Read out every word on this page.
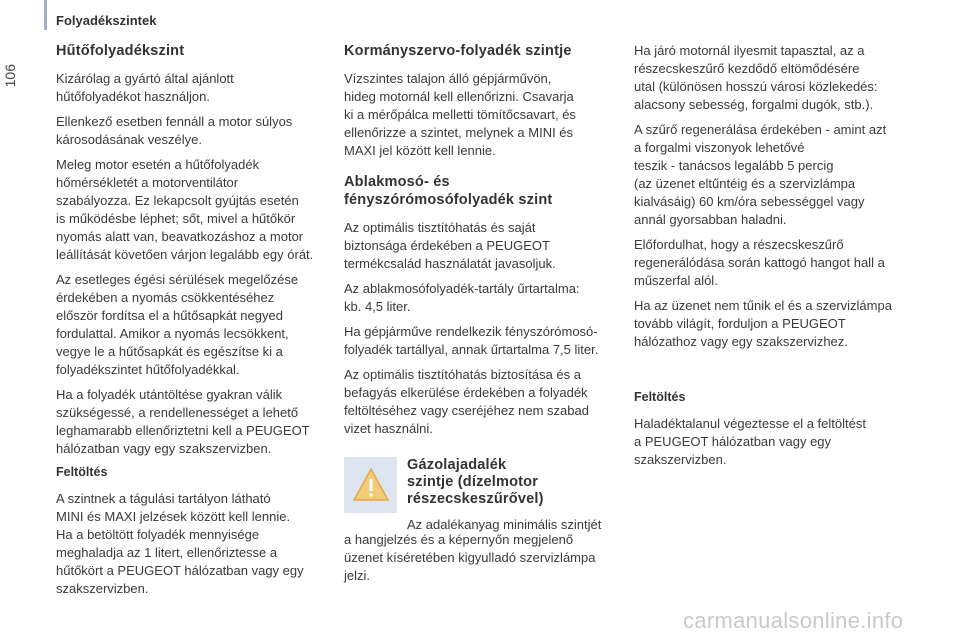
Folyadékszintek
106
Hűtőfolyadékszint

Kizárólag a gyártó által ajánlott
hűtőfolyadékot használjon.

Ellenkező esetben fennáll a motor súlyos
károsodásának veszélye.

Meleg motor esetén a hűtőfolyadék
hőmérsékletét a motorventilátor
szabályozza. Ez lekapcsolt gyújtás esetén
is működésbe léphet; sőt, mivel a hűtőkör
nyomás alatt van, beavatkozáshoz a motor
leállítását követően várjon legalább egy órát.

Az esetleges égési sérülések megelőzése
érdekében a nyomás csökkentéséhez
először fordítsa el a hűtősapkát negyed
fordulattal. Amikor a nyomás lecsökkent,
vegye le a hűtősapkát és egészítse ki a
folyadékszintet hűtőfolyadékkal.

Ha a folyadék utántöltése gyakran válik
szükségessé, a rendellenességet a lehető
leghamarabb ellenőriztetni kell a PEUGEOT
hálózatban vagy egy szakszervizben.

Feltöltés

A szintnek a tágulási tartályon látható
MINI és MAXI jelzések között kell lennie.
Ha a betöltött folyadék mennyisége
meghaladja az 1 litert, ellenőriztesse a
hűtőkört a PEUGEOT hálózatban vagy egy
szakszervizben.

Kormányszervo-folyadék szintje

Vízszintes talajon álló gépjárművön,
hideg motornál kell ellenőrizni. Csavarja
ki a mérőpálca melletti tömítőcsavart, és
ellenőrizze a szintet, melynek a MINI és
MAXI jel között kell lennie.

Ablakmosó- és
fényszórómosófolyadék szint

Az optimális tisztítóhatás és saját
biztonsága érdekében a PEUGEOT
termékcsalád használatát javasoljuk.

Az ablakmosófolyadék-tartály űrtartalma:
kb. 4,5 liter.

Ha gépjárműve rendelkezik fényszórómosó-
folyadék tartállyal, annak űrtartalma 7,5 liter.

Az optimális tisztítóhatás biztosítása és a
befagyás elkerülése érdekében a folyadék
feltöltéséhez vagy cseréjéhez nem szabad
vizet használni.

Gázolajadalék
szintje (dízelmotor
részecskeszűrővel)

Az adalékanyag minimális szintjét

a hangjelzés és a képernyőn megjelenő
üzenet kíséretében kigyulladó szervizlámpa
jelzi.

Ha járó motornál ilyesmit tapasztal, az a
részecskeszűrő kezdődő eltömődésére
utal (különösen hosszú városi közlekedés:
alacsony sebesség, forgalmi dugók, stb.).

A szűrő regenerálása érdekében - amint azt
a forgalmi viszonyok lehetővé
teszik - tanácsos legalább 5 percig
(az üzenet eltűntéig és a szervizlámpa
kialvásáig) 60 km/óra sebességgel vagy
annál gyorsabban haladni.

Előfordulhat, hogy a részecskeszűrő
regenerálódása során kattogó hangot hall a
műszerfal alól.

Ha az üzenet nem tűnik el és a szervizlámpa
tovább világít, forduljon a PEUGEOT
hálózathoz vagy egy szakszervizhez.

Feltöltés

Haladéktalanul végeztesse el a feltöltést
a PEUGEOT hálózatban vagy egy
szakszervizben.

carmanualsonline.info
